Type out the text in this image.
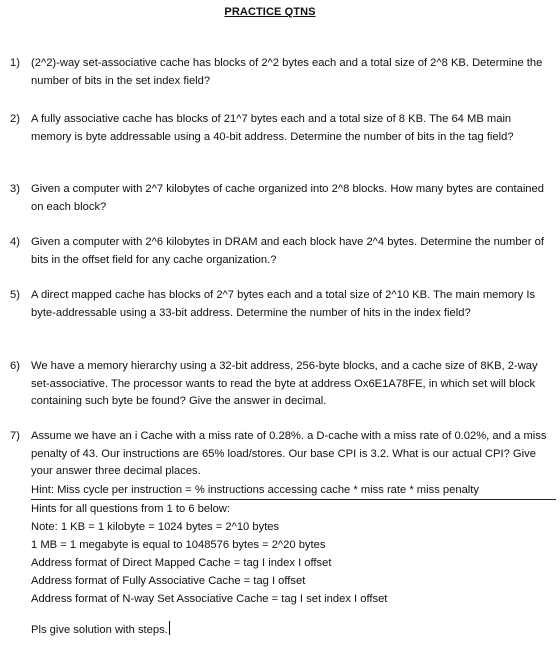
PRACTICE QTNS
1) (2^2)-way set-associative cache has blocks of 2^2 bytes each and a total size of 2^8 KB. Determine the number of bits in the set index field?
2) A fully associative cache has blocks of 21^7 bytes each and a total size of 8 KB. The 64 MB main memory is byte addressable using a 40-bit address. Determine the number of bits in the tag field?
3) Given a computer with 2^7 kilobytes of cache organized into 2^8 blocks. How many bytes are contained on each block?
4) Given a computer with 2^6 kilobytes in DRAM and each block have 2^4 bytes. Determine the number of bits in the offset field for any cache organization.?
5) A direct mapped cache has blocks of 2^7 bytes each and a total size of 2^10 KB. The main memory Is byte-addressable using a 33-bit address. Determine the number of hits in the index field?
6) We have a memory hierarchy using a 32-bit address, 256-byte blocks, and a cache size of 8KB, 2-way set-associative. The processor wants to read the byte at address Ox6E1A78FE, in which set will block containing such byte be found? Give the answer in decimal.
7) Assume we have an i Cache with a miss rate of 0.28%. a D-cache with a miss rate of 0.02%, and a miss penalty of 43. Our instructions are 65% load/stores. Our base CPI is 3.2. What is our actual CPI? Give your answer three decimal places.
Hint: Miss cycle per instruction = % instructions accessing cache * miss rate * miss penalty
Hints for all questions from 1 to 6 below:
Note: 1 KB = 1 kilobyte = 1024 bytes = 2^10 bytes
1 MB = 1 megabyte is equal to 1048576 bytes = 2^20 bytes
Address format of Direct Mapped Cache = tag I index I offset
Address format of Fully Associative Cache = tag I offset
Address format of N-way Set Associative Cache = tag I set index I offset
Pls give solution with steps.
